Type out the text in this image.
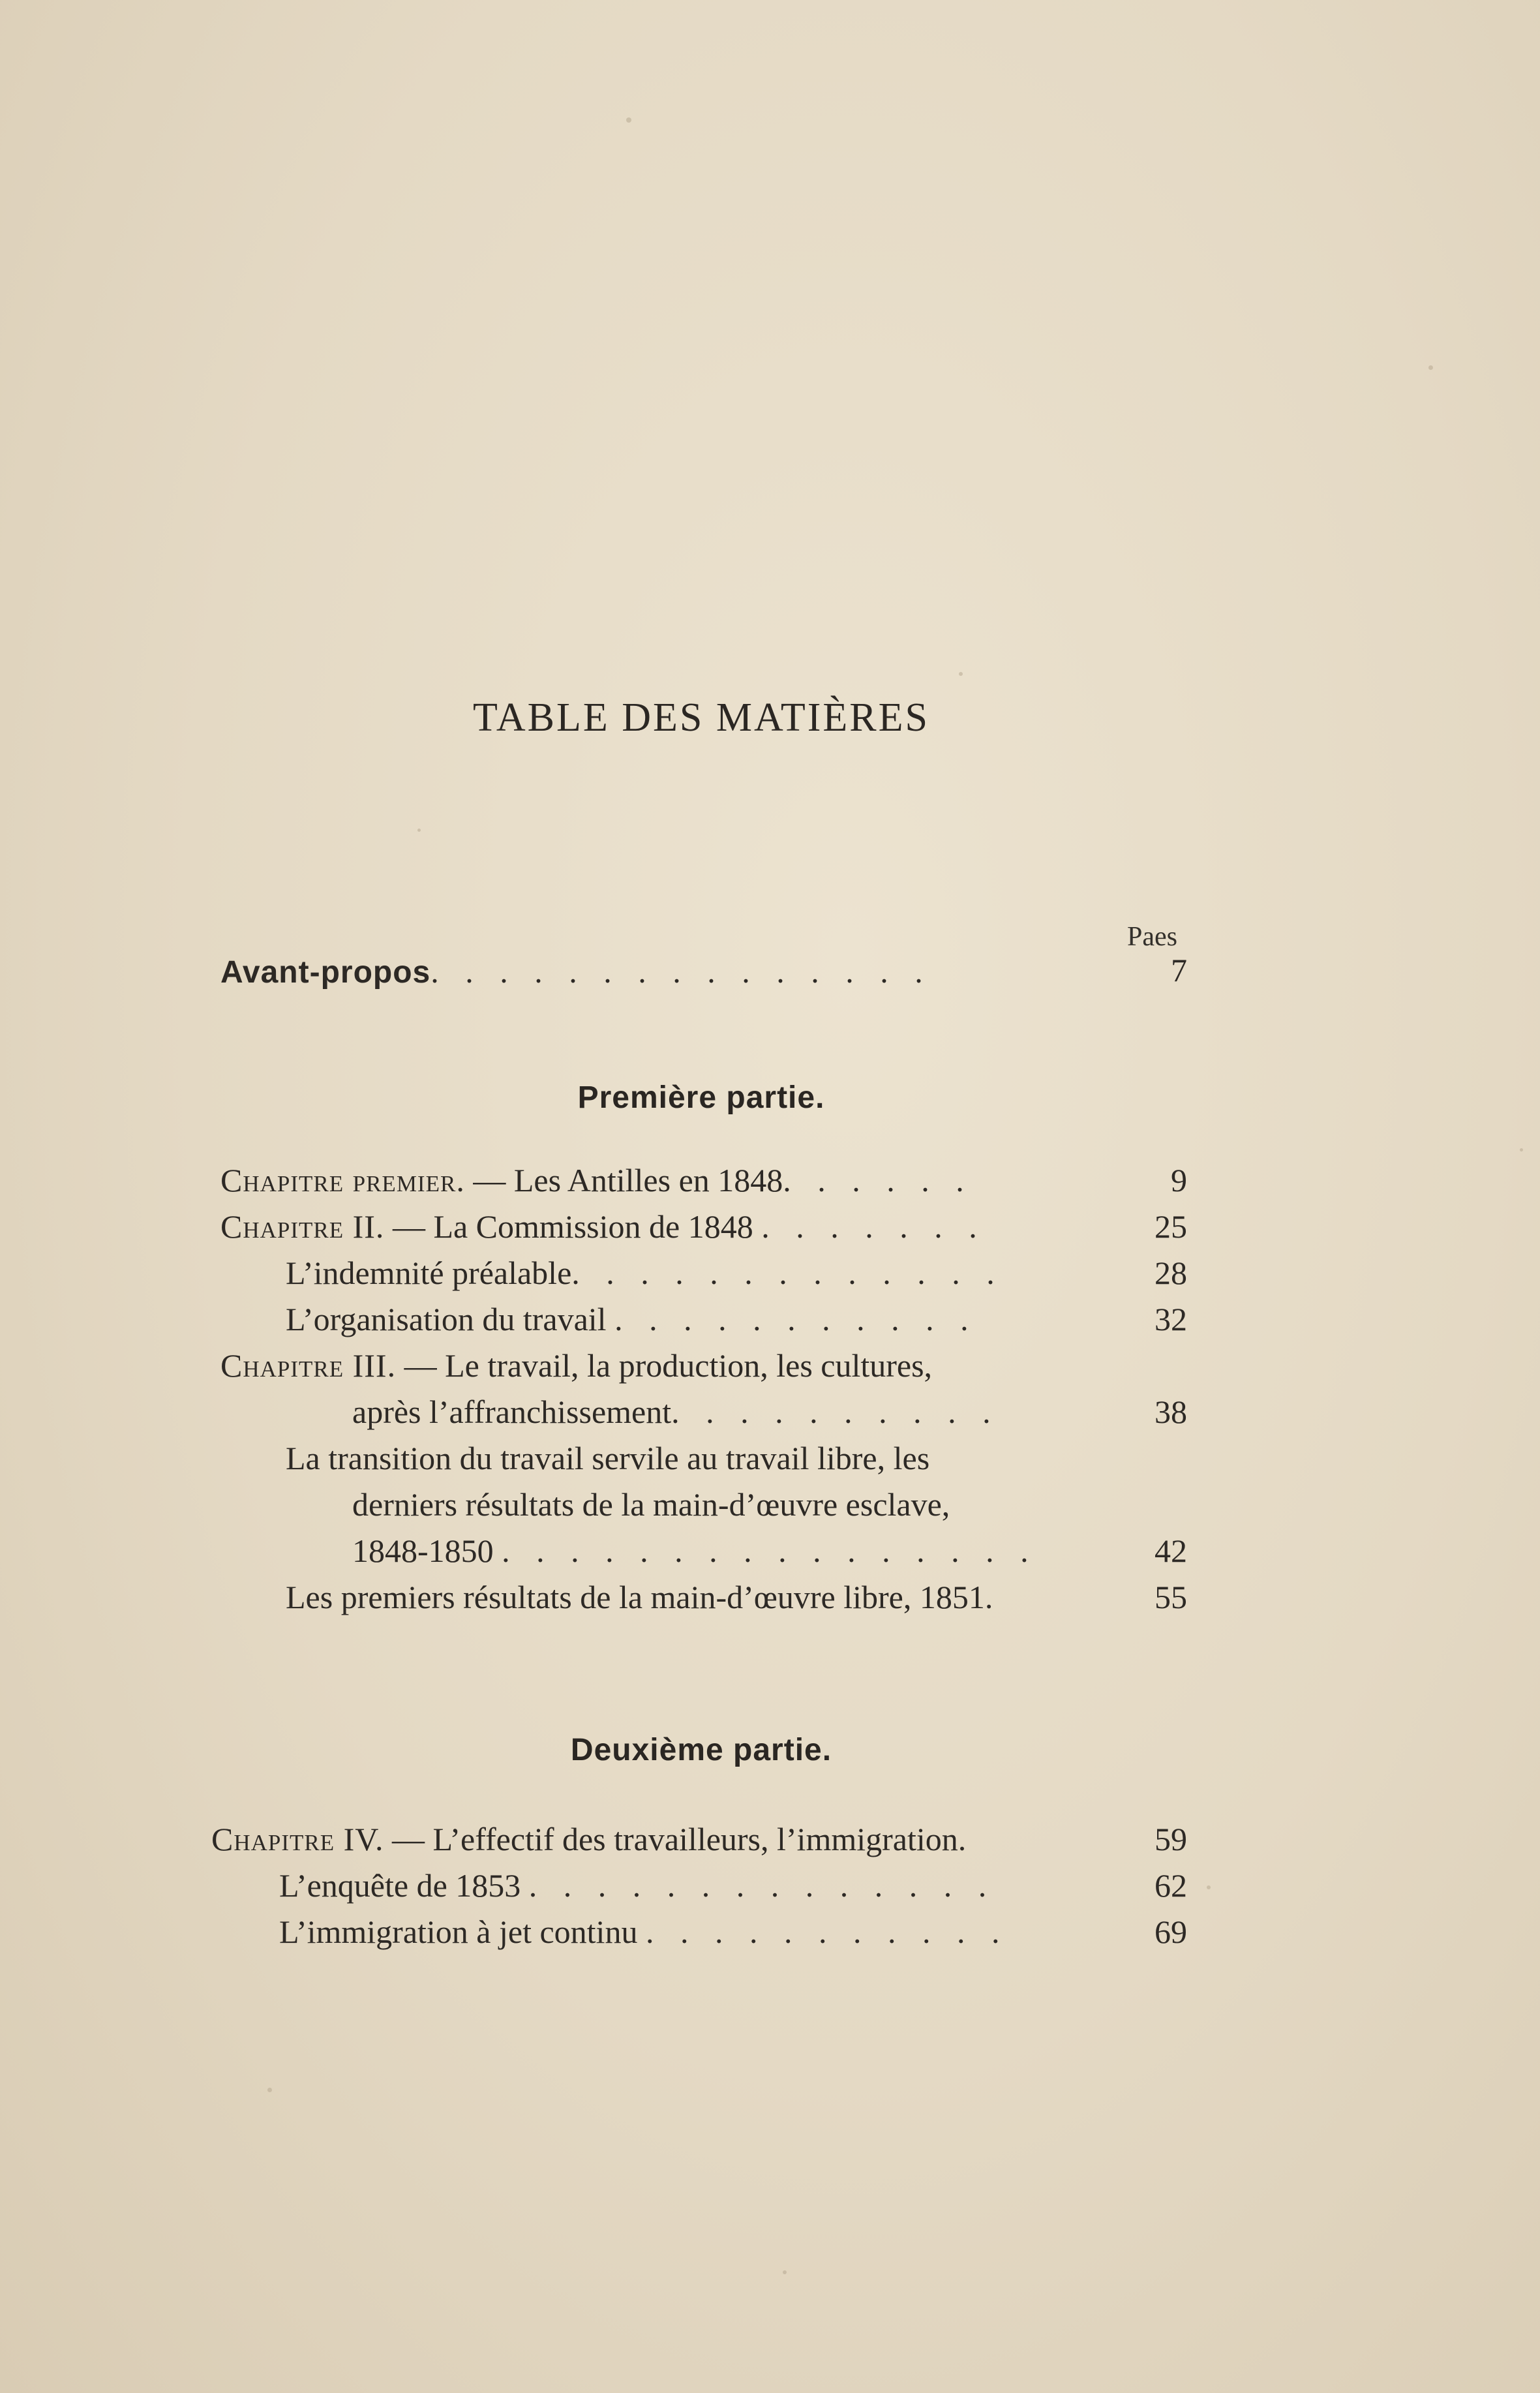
TABLE DES MATIÈRES
Paes
Avant-propos. . . . . . . . . . . . . . .	7
Première partie.
Chapitre premier. — Les Antilles en 1848. . . . . .	9
Chapitre II. — La Commission de 1848 . . . . . . .	25
L’indemnité préalable. . . . . . . . . . . . .	28
L’organisation du travail . . . . . . . . . . .	32
Chapitre III. — Le travail, la production, les cultures,
après l’affranchissement. . . . . . . . . .	38
La transition du travail servile au travail libre, les
derniers résultats de la main-d’œuvre esclave,
1848-1850 . . . . . . . . . . . . . . . .	42
Les premiers résultats de la main-d’œuvre libre, 1851.	55
Deuxième partie.
Chapitre IV. — L’effectif des travailleurs, l’immigration.	59
L’enquête de 1853 . . . . . . . . . . . . . .	62
L’immigration à jet continu . . . . . . . . . . .	69
